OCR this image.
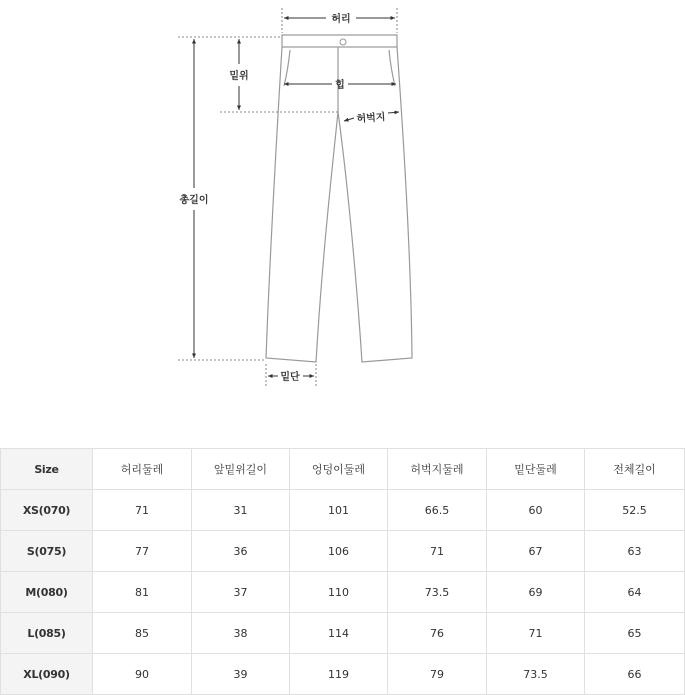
허리
밑위
힙
허벅지
총길이
밑단
Size	허리둘레	앞밑위길이	엉덩이둘레	허벅지둘레	밑단둘레	전체길이
XS(070)	71	31	101	66.5	60	52.5
S(075)	77	36	106	71	67	63
M(080)	81	37	110	73.5	69	64
L(085)	85	38	114	76	71	65
XL(090)	90	39	119	79	73.5	66
